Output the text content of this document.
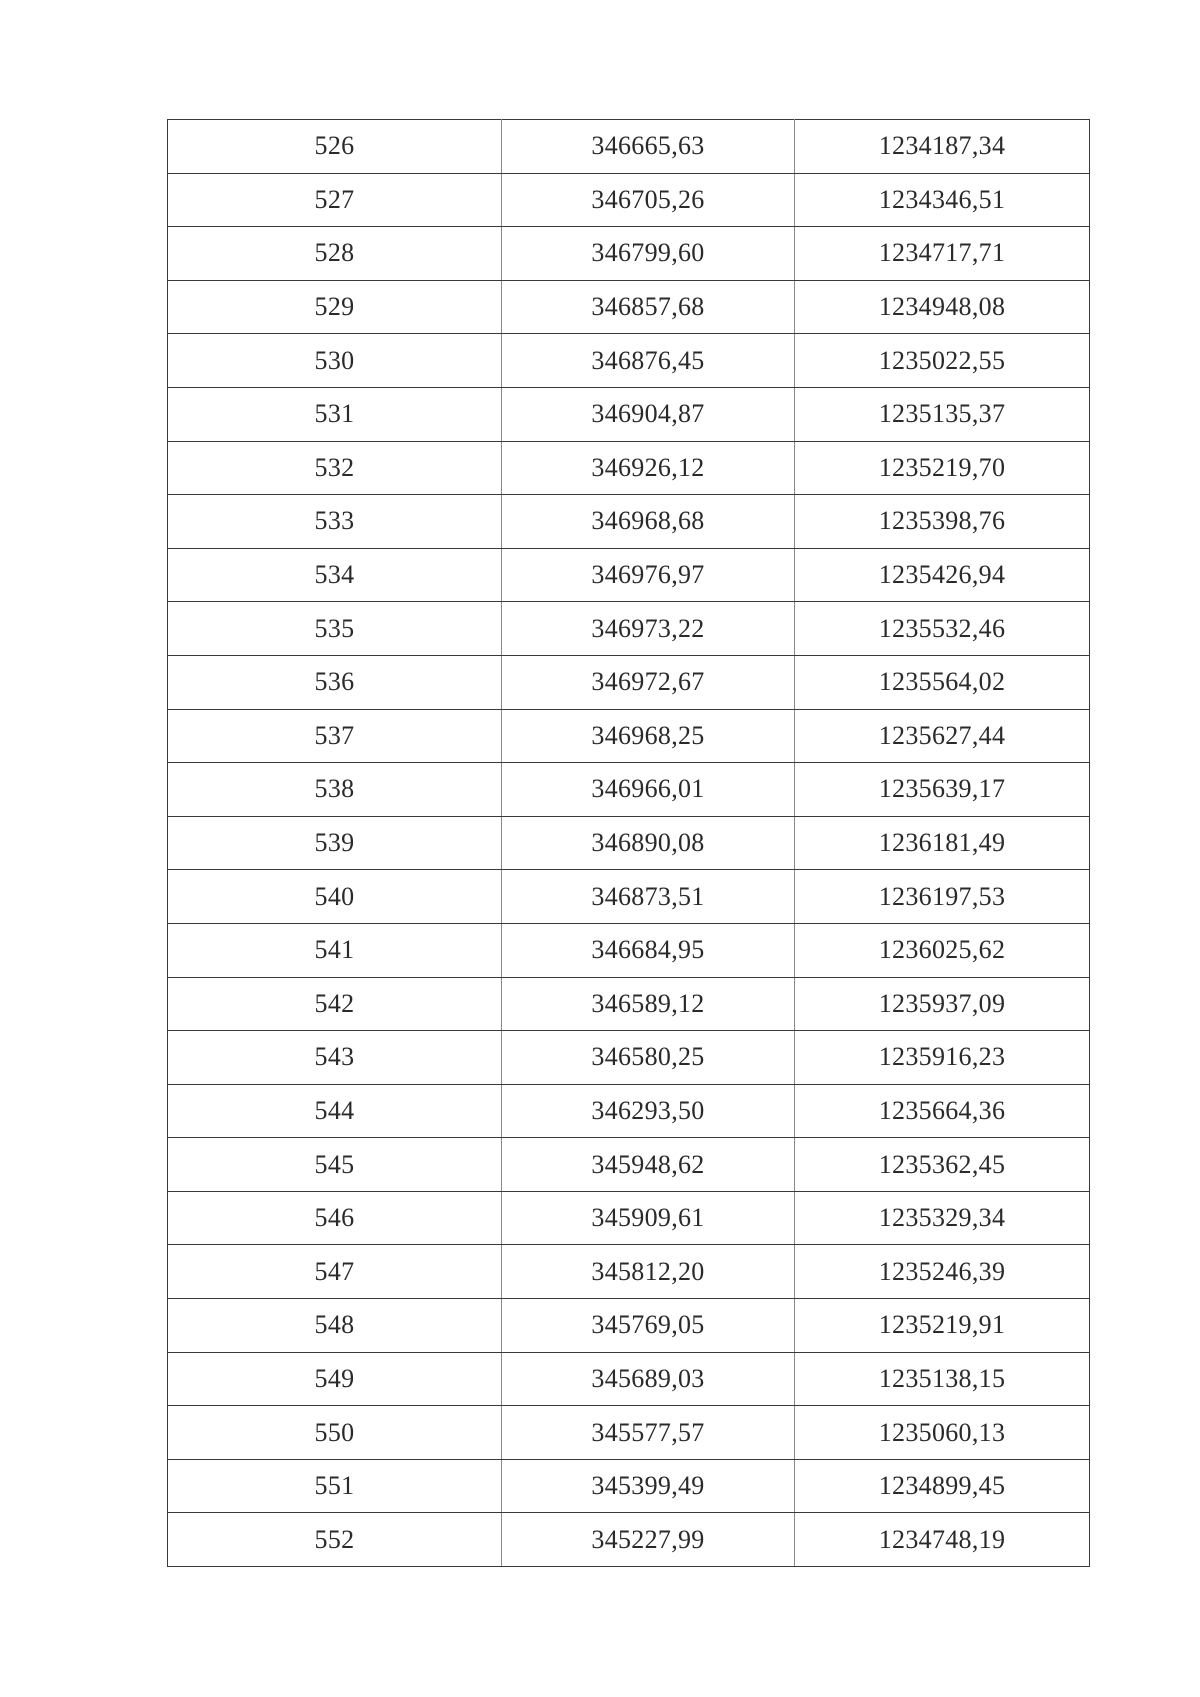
526	346665,63	1234187,34
527	346705,26	1234346,51
528	346799,60	1234717,71
529	346857,68	1234948,08
530	346876,45	1235022,55
531	346904,87	1235135,37
532	346926,12	1235219,70
533	346968,68	1235398,76
534	346976,97	1235426,94
535	346973,22	1235532,46
536	346972,67	1235564,02
537	346968,25	1235627,44
538	346966,01	1235639,17
539	346890,08	1236181,49
540	346873,51	1236197,53
541	346684,95	1236025,62
542	346589,12	1235937,09
543	346580,25	1235916,23
544	346293,50	1235664,36
545	345948,62	1235362,45
546	345909,61	1235329,34
547	345812,20	1235246,39
548	345769,05	1235219,91
549	345689,03	1235138,15
550	345577,57	1235060,13
551	345399,49	1234899,45
552	345227,99	1234748,19
